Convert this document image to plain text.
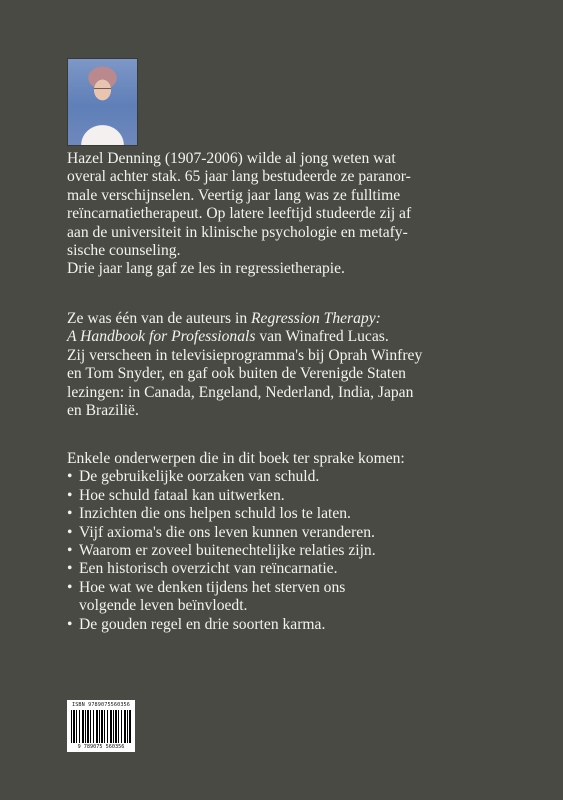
Hazel Denning (1907-2006) wilde al jong weten wat

overal achter stak. 65 jaar lang bestudeerde ze paranor-

male verschijnselen. Veertig jaar lang was ze fulltime

reïncarnatietherapeut. Op latere leeftijd studeerde zij af

aan de universiteit in klinische psychologie en metafy-

sische counseling.

Drie jaar lang gaf ze les in regressietherapie.

Ze was één van de auteurs in Regression Therapy:

A Handbook for Professionals van Winafred Lucas.

Zij verscheen in televisieprogramma's bij Oprah Winfrey

en Tom Snyder, en gaf ook buiten de Verenigde Staten

lezingen: in Canada, Engeland, Nederland, India, Japan

en Brazilië.

Enkele onderwerpen die in dit boek ter sprake komen:

• De gebruikelijke oorzaken van schuld.
• Hoe schuld fataal kan uitwerken.
• Inzichten die ons helpen schuld los te laten.
• Vijf axioma's die ons leven kunnen veranderen.
• Waarom er zoveel buitenechtelijke relaties zijn.
• Een historisch overzicht van reïncarnatie.
• Hoe wat we denken tijdens het sterven ons
volgende leven beïnvloedt.
• De gouden regel en drie soorten karma.
ISBN 9789075560356
9 789075 560356
